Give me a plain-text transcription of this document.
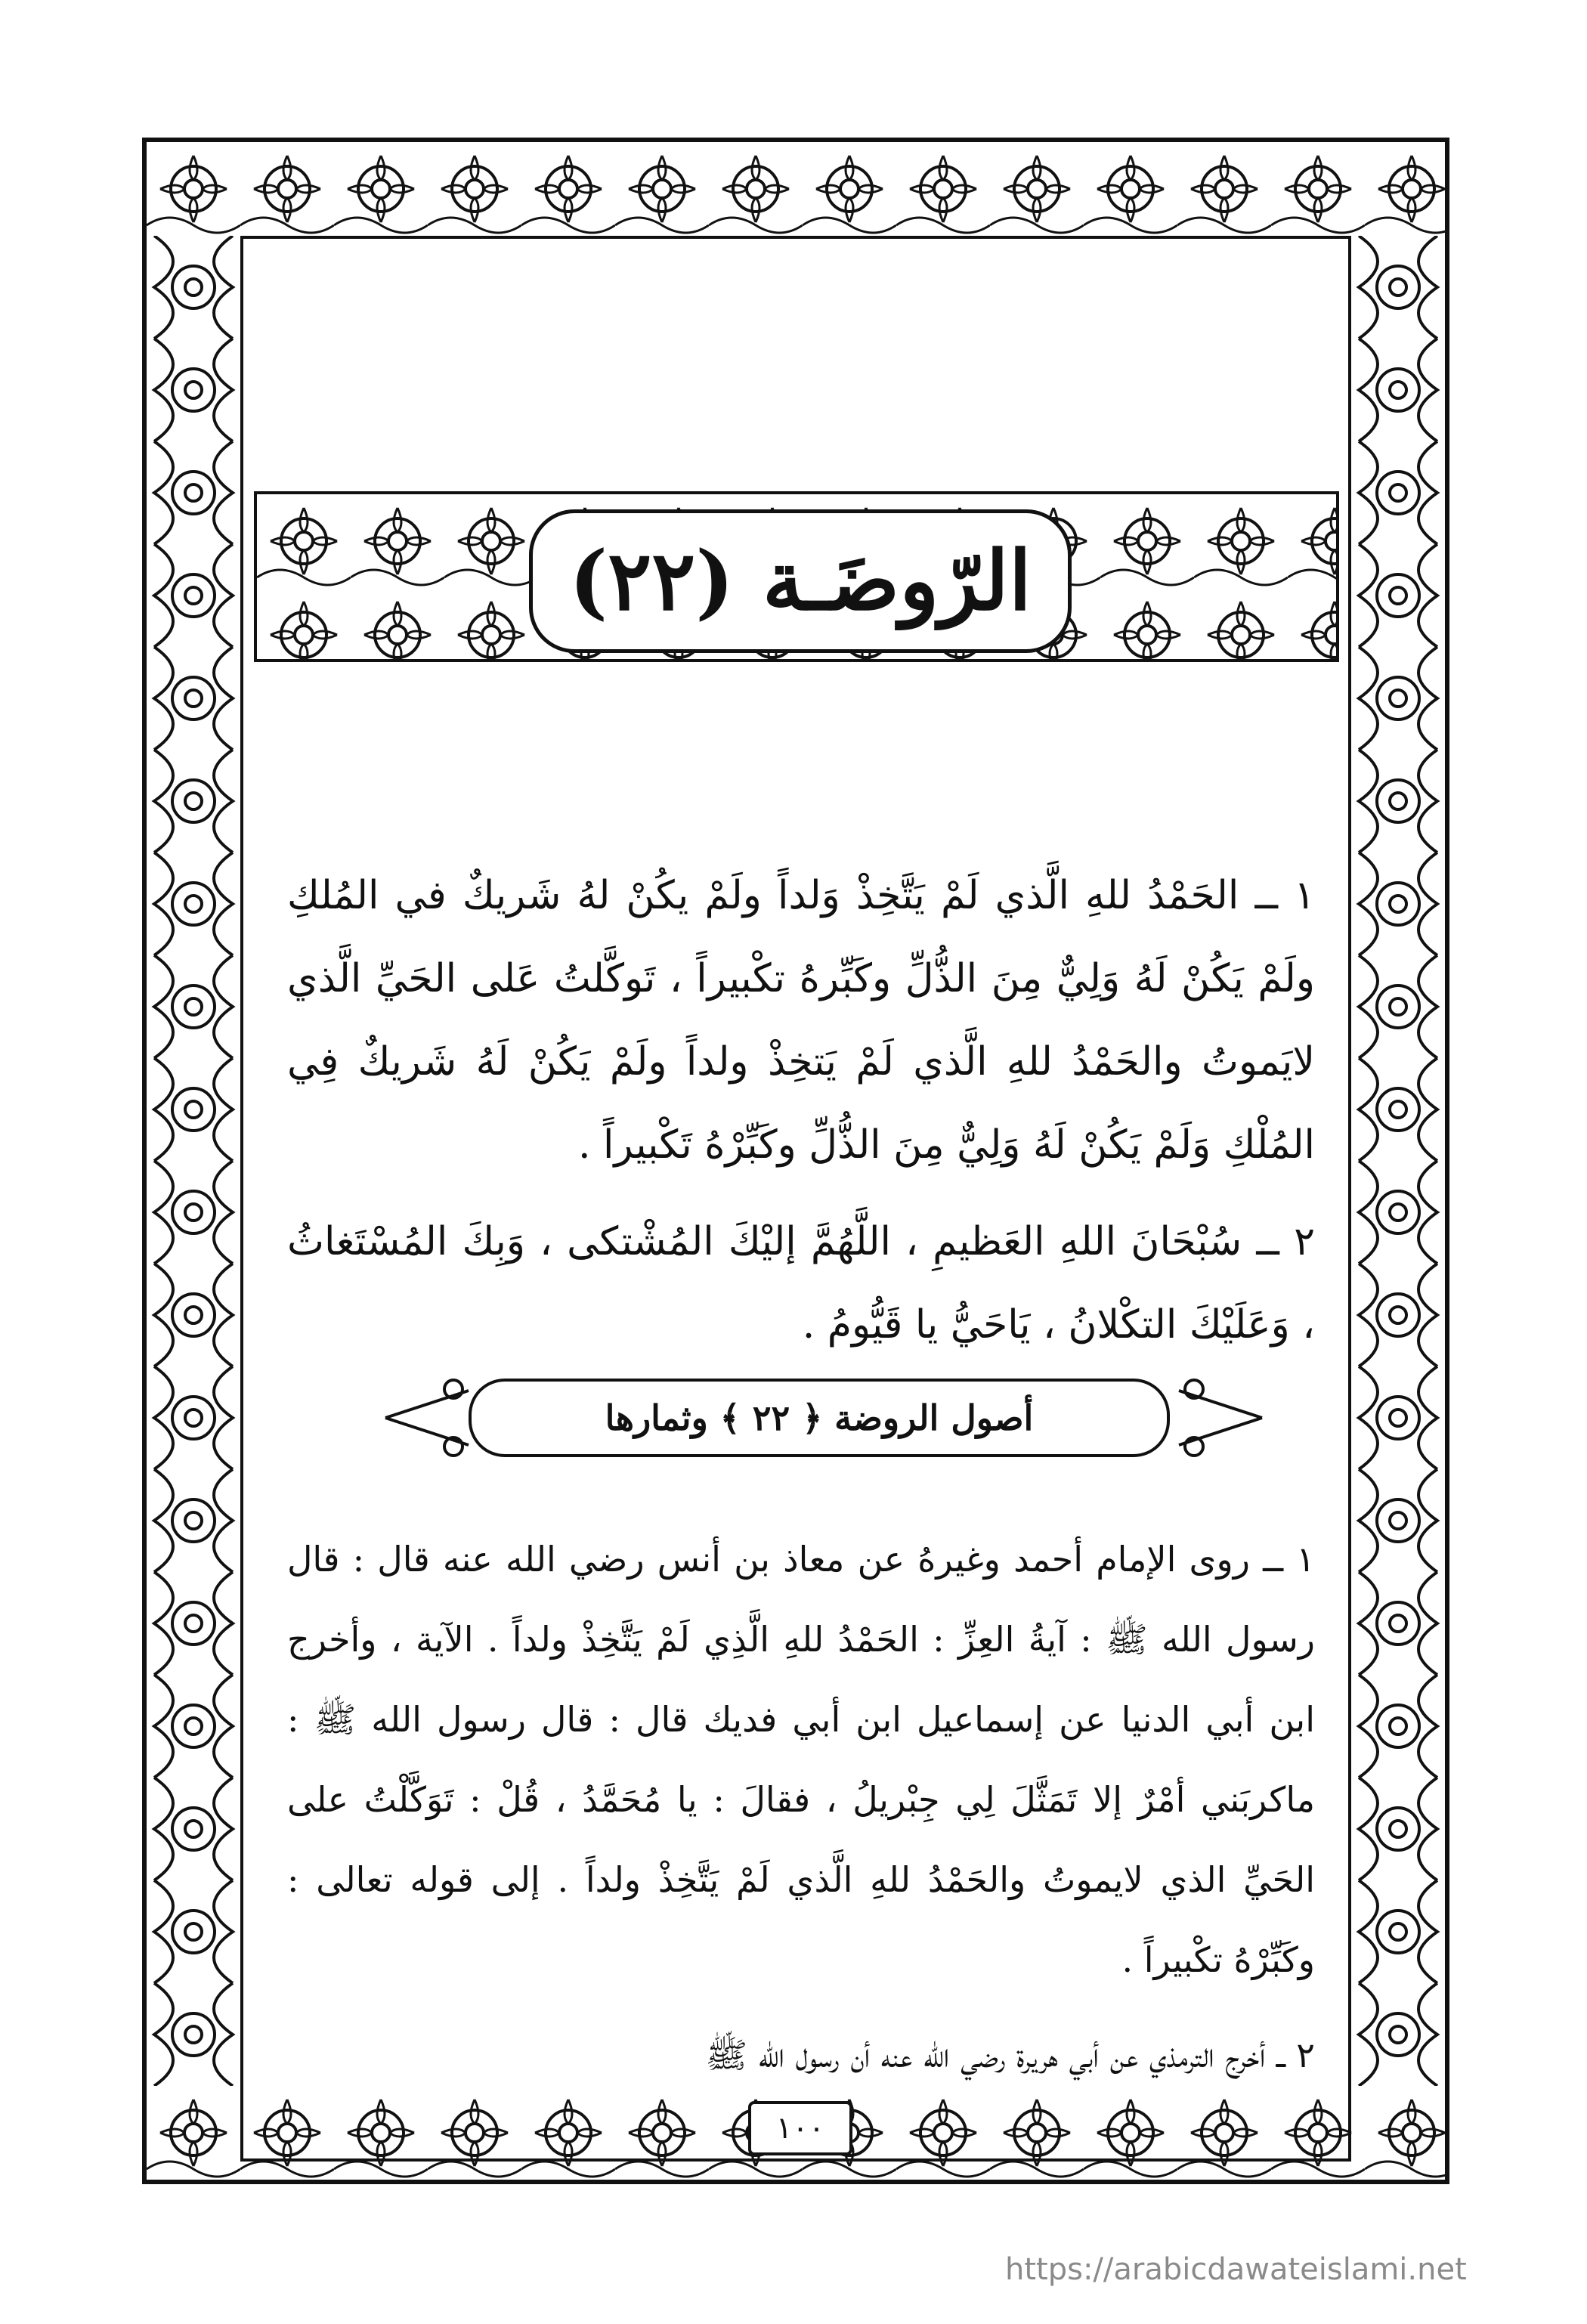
الرّوضَـة (٢٢)

١ ــ الحَمْدُ للهِ الَّذي لَمْ يَتَّخِذْ وَلداً ولَمْ يكُنْ لهُ شَريكٌ في المُلكِ ولَمْ يَكُنْ لَهُ وَلِيٌّ مِنَ الذُّلِّ وكَبِّرهُ تكْبيراً ، تَوكَّلتُ عَلى الحَيِّ الَّذي لايَموتُ والحَمْدُ للهِ الَّذي لَمْ يَتخِذْ ولداً ولَمْ يَكُنْ لَهُ شَريكٌ فِي المُلْكِ وَلَمْ يَكُنْ لَهُ وَلِيٌّ مِنَ الذُّلِّ وكَبِّرْهُ تَكْبيراً .

٢ ــ سُبْحَانَ اللهِ العَظيمِ ، اللَّهُمَّ إليْكَ المُشْتكى ، وَبِكَ المُسْتَغاثُ ، وَعَلَيْكَ التكْلانُ ، يَاحَيُّ يا قَيُّومُ .

أصول الروضة ﴿ ٢٢ ﴾ وثمارها

١ ــ روى الإمام أحمد وغيرهُ عن معاذ بن أنس رضي الله عنه قال : قال رسول الله ﷺ : آيةُ العِزِّ : الحَمْدُ للهِ الَّذِي لَمْ يَتَّخِذْ ولداً . الآية ، وأخرج ابن أبي الدنيا عن إسماعيل ابن أبي فديك قال : قال رسول الله ﷺ : ماكربَني أمْرٌ إلا تَمَثَّلَ لِي جِبْريلُ ، فقالَ : يا مُحَمَّدُ ، قُلْ : تَوَكَّلْتُ على الحَيِّ الذي لايموتُ والحَمْدُ للهِ الَّذي لَمْ يَتَّخِذْ ولداً . إلى قوله تعالى : وكَبِّرْهُ تكْبيراً .

٢ ــ أخرج الترمذي عن أبي هريرة رضي الله عنه أن رسول الله ﷺ

١٠٠
https://arabicdawateislami.net
